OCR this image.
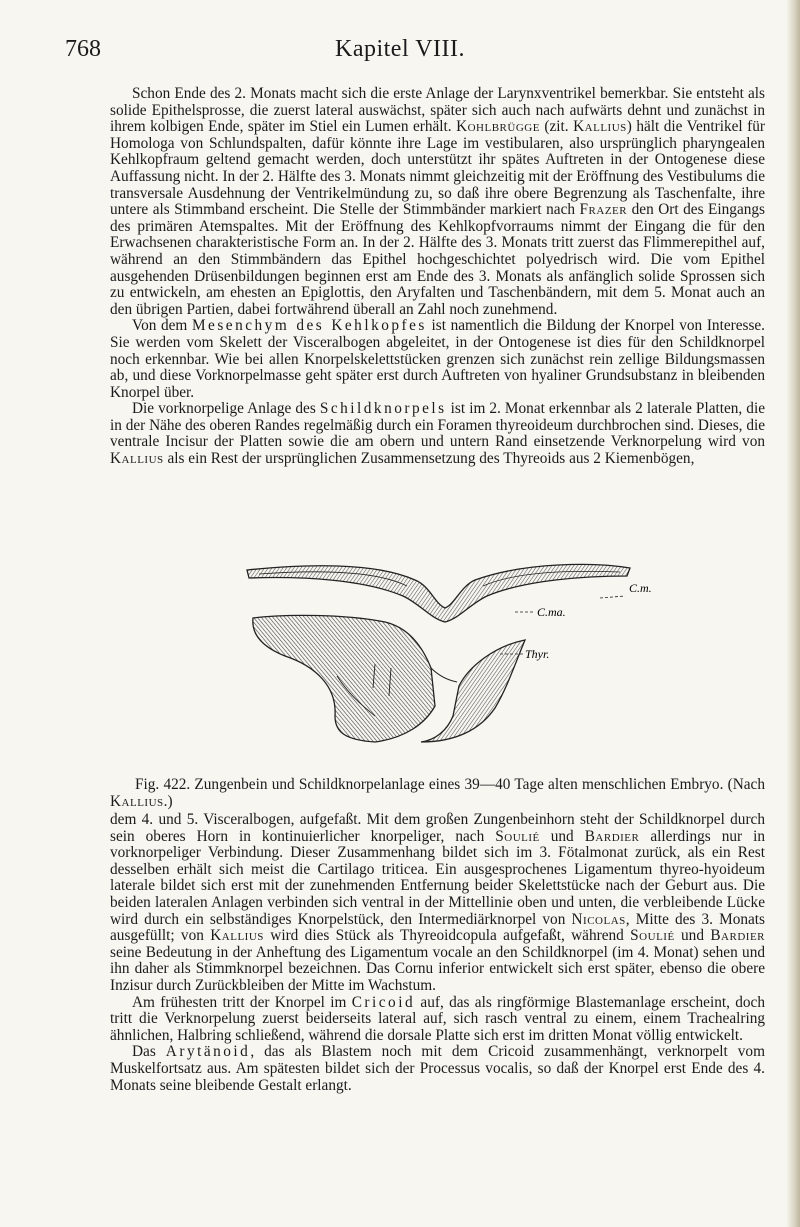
768	Kapitel VIII.

Schon Ende des 2. Monats macht sich die erste Anlage der Larynxventrikel bemerkbar. Sie entsteht als solide Epithelsprosse, die zuerst lateral auswächst, später sich auch nach aufwärts dehnt und zunächst in ihrem kolbigen Ende, später im Stiel ein Lumen erhält. Kohlbrügge (zit. Kallius) hält die Ventrikel für Homologa von Schlundspalten, dafür könnte ihre Lage im vestibularen, also ursprünglich pharyngealen Kehlkopfraum geltend gemacht werden, doch unterstützt ihr spätes Auftreten in der Ontogenese diese Auffassung nicht. In der 2. Hälfte des 3. Monats nimmt gleichzeitig mit der Eröffnung des Vestibulums die transversale Ausdehnung der Ventrikelmündung zu, so daß ihre obere Begrenzung als Taschenfalte, ihre untere als Stimmband erscheint. Die Stelle der Stimmbänder markiert nach Frazer den Ort des Eingangs des primären Atemspaltes. Mit der Eröffnung des Kehlkopfvorraums nimmt der Eingang die für den Erwachsenen charakteristische Form an. In der 2. Hälfte des 3. Monats tritt zuerst das Flimmerepithel auf, während an den Stimmbändern das Epithel hochgeschichtet polyedrisch wird. Die vom Epithel ausgehenden Drüsenbildungen beginnen erst am Ende des 3. Monats als anfänglich solide Sprossen sich zu entwickeln, am ehesten an Epiglottis, den Aryfalten und Taschenbändern, mit dem 5. Monat auch an den übrigen Partien, dabei fortwährend überall an Zahl noch zunehmend.

Von dem Mesenchym des Kehlkopfes ist namentlich die Bildung der Knorpel von Interesse. Sie werden vom Skelett der Visceralbogen abgeleitet, in der Ontogenese ist dies für den Schildknorpel noch erkennbar. Wie bei allen Knorpelskelettstücken grenzen sich zunächst rein zellige Bildungsmassen ab, und diese Vorknorpelmasse geht später erst durch Auftreten von hyaliner Grundsubstanz in bleibenden Knorpel über.

Die vorknorpelige Anlage des Schildknorpels ist im 2. Monat erkennbar als 2 laterale Platten, die in der Nähe des oberen Randes regelmäßig durch ein Foramen thyreoideum durchbrochen sind. Dieses, die ventrale Incisur der Platten sowie die am obern und untern Rand einsetzende Verknorpelung wird von Kallius als ein Rest der ursprünglichen Zusammensetzung des Thyreoids aus 2 Kiemenbögen,

C.m.
C.ma.
Thyr.

Fig. 422. Zungenbein und Schildknorpelanlage eines 39—40 Tage alten menschlichen Embryo. (Nach Kallius.)

dem 4. und 5. Visceralbogen, aufgefaßt. Mit dem großen Zungenbeinhorn steht der Schildknorpel durch sein oberes Horn in kontinuierlicher knorpeliger, nach Soulié und Bardier allerdings nur in vorknorpeliger Verbindung. Dieser Zusammenhang bildet sich im 3. Fötalmonat zurück, als ein Rest desselben erhält sich meist die Cartilago triticea. Ein ausgesprochenes Ligamentum thyreo-hyoideum laterale bildet sich erst mit der zunehmenden Entfernung beider Skelettstücke nach der Geburt aus. Die beiden lateralen Anlagen verbinden sich ventral in der Mittellinie oben und unten, die verbleibende Lücke wird durch ein selbständiges Knorpelstück, den Intermediärknorpel von Nicolas, Mitte des 3. Monats ausgefüllt; von Kallius wird dies Stück als Thyreoidcopula aufgefaßt, während Soulié und Bardier seine Bedeutung in der Anheftung des Ligamentum vocale an den Schildknorpel (im 4. Monat) sehen und ihn daher als Stimmknorpel bezeichnen. Das Cornu inferior entwickelt sich erst später, ebenso die obere Inzisur durch Zurückbleiben der Mitte im Wachstum.

Am frühesten tritt der Knorpel im Cricoid auf, das als ringförmige Blastemanlage erscheint, doch tritt die Verknorpelung zuerst beiderseits lateral auf, sich rasch ventral zu einem, einem Trachealring ähnlichen, Halbring schließend, während die dorsale Platte sich erst im dritten Monat völlig entwickelt.

Das Arytänoid, das als Blastem noch mit dem Cricoid zusammenhängt, verknorpelt vom Muskelfortsatz aus. Am spätesten bildet sich der Processus vocalis, so daß der Knorpel erst Ende des 4. Monats seine bleibende Gestalt erlangt.
